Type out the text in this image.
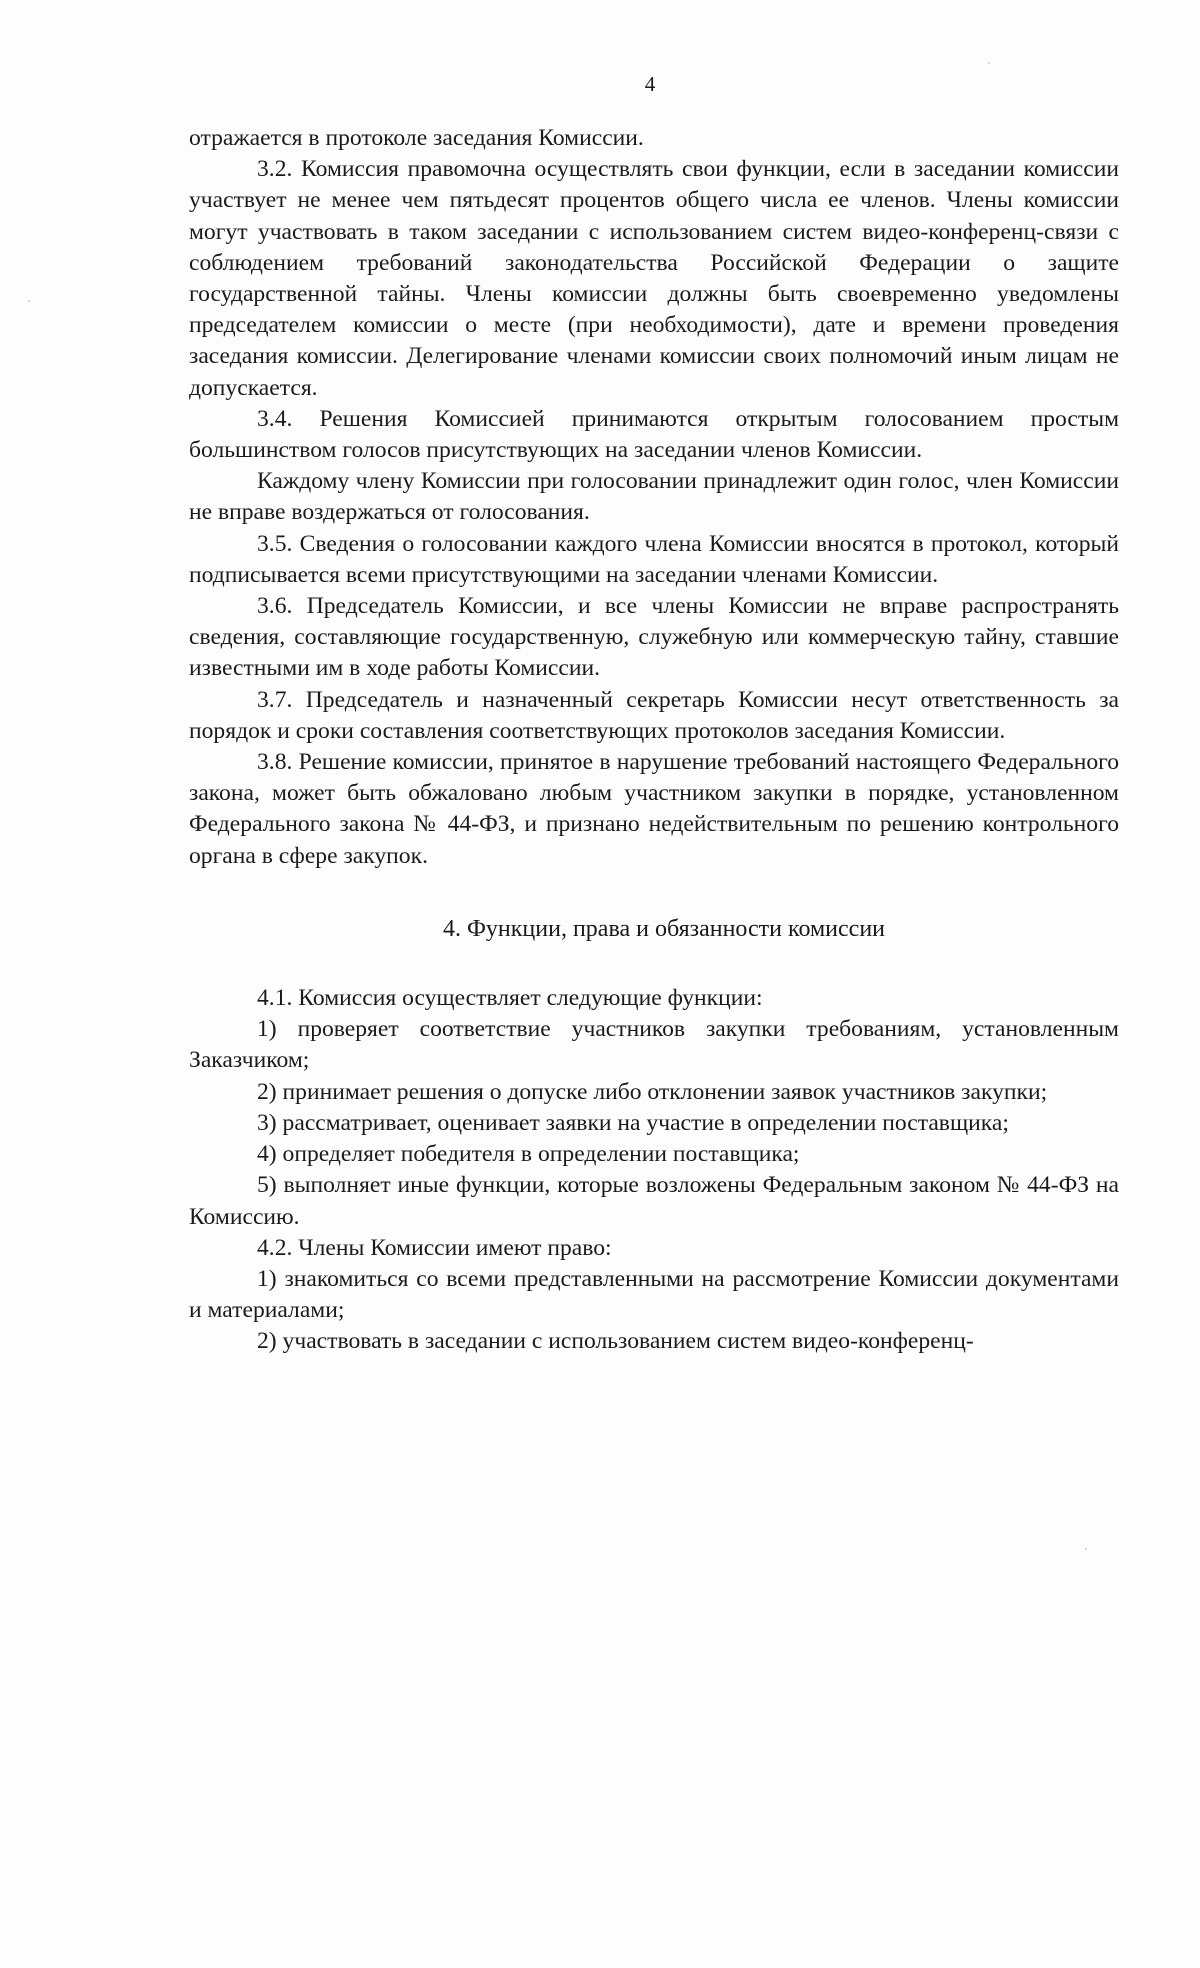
4

отражается в протоколе заседания Комиссии.

3.2. Комиссия правомочна осуществлять свои функции, если в заседании комиссии участвует не менее чем пятьдесят процентов общего числа ее членов. Члены комиссии могут участвовать в таком заседании с использованием систем видео-конференц-связи с соблюдением требований законодательства Российской Федерации о защите государственной тайны. Члены комиссии должны быть своевременно уведомлены председателем комиссии о месте (при необходимости), дате и времени проведения заседания комиссии. Делегирование членами комиссии своих полномочий иным лицам не допускается.

3.4. Решения Комиссией принимаются открытым голосованием простым большинством голосов присутствующих на заседании членов Комиссии.

Каждому члену Комиссии при голосовании принадлежит один голос, член Комиссии не вправе воздержаться от голосования.

3.5. Сведения о голосовании каждого члена Комиссии вносятся в протокол, который подписывается всеми присутствующими на заседании членами Комиссии.

3.6. Председатель Комиссии, и все члены Комиссии не вправе распространять сведения, составляющие государственную, служебную или коммерческую тайну, ставшие известными им в ходе работы Комиссии.

3.7. Председатель и назначенный секретарь Комиссии несут ответственность за порядок и сроки составления соответствующих протоколов заседания Комиссии.

3.8. Решение комиссии, принятое в нарушение требований настоящего Федерального закона, может быть обжаловано любым участником закупки в порядке, установленном Федерального закона № 44-ФЗ, и признано недействительным по решению контрольного органа в сфере закупок.

4. Функции, права и обязанности комиссии

4.1. Комиссия осуществляет следующие функции:

1) проверяет соответствие участников закупки требованиям, установленным Заказчиком;

2) принимает решения о допуске либо отклонении заявок участников закупки;

3) рассматривает, оценивает заявки на участие в определении поставщика;

4) определяет победителя в определении поставщика;

5) выполняет иные функции, которые возложены Федеральным законом № 44-ФЗ на Комиссию.

4.2. Члены Комиссии имеют право:

1) знакомиться со всеми представленными на рассмотрение Комиссии документами и материалами;

2) участвовать в заседании с использованием систем видео-конференц-
